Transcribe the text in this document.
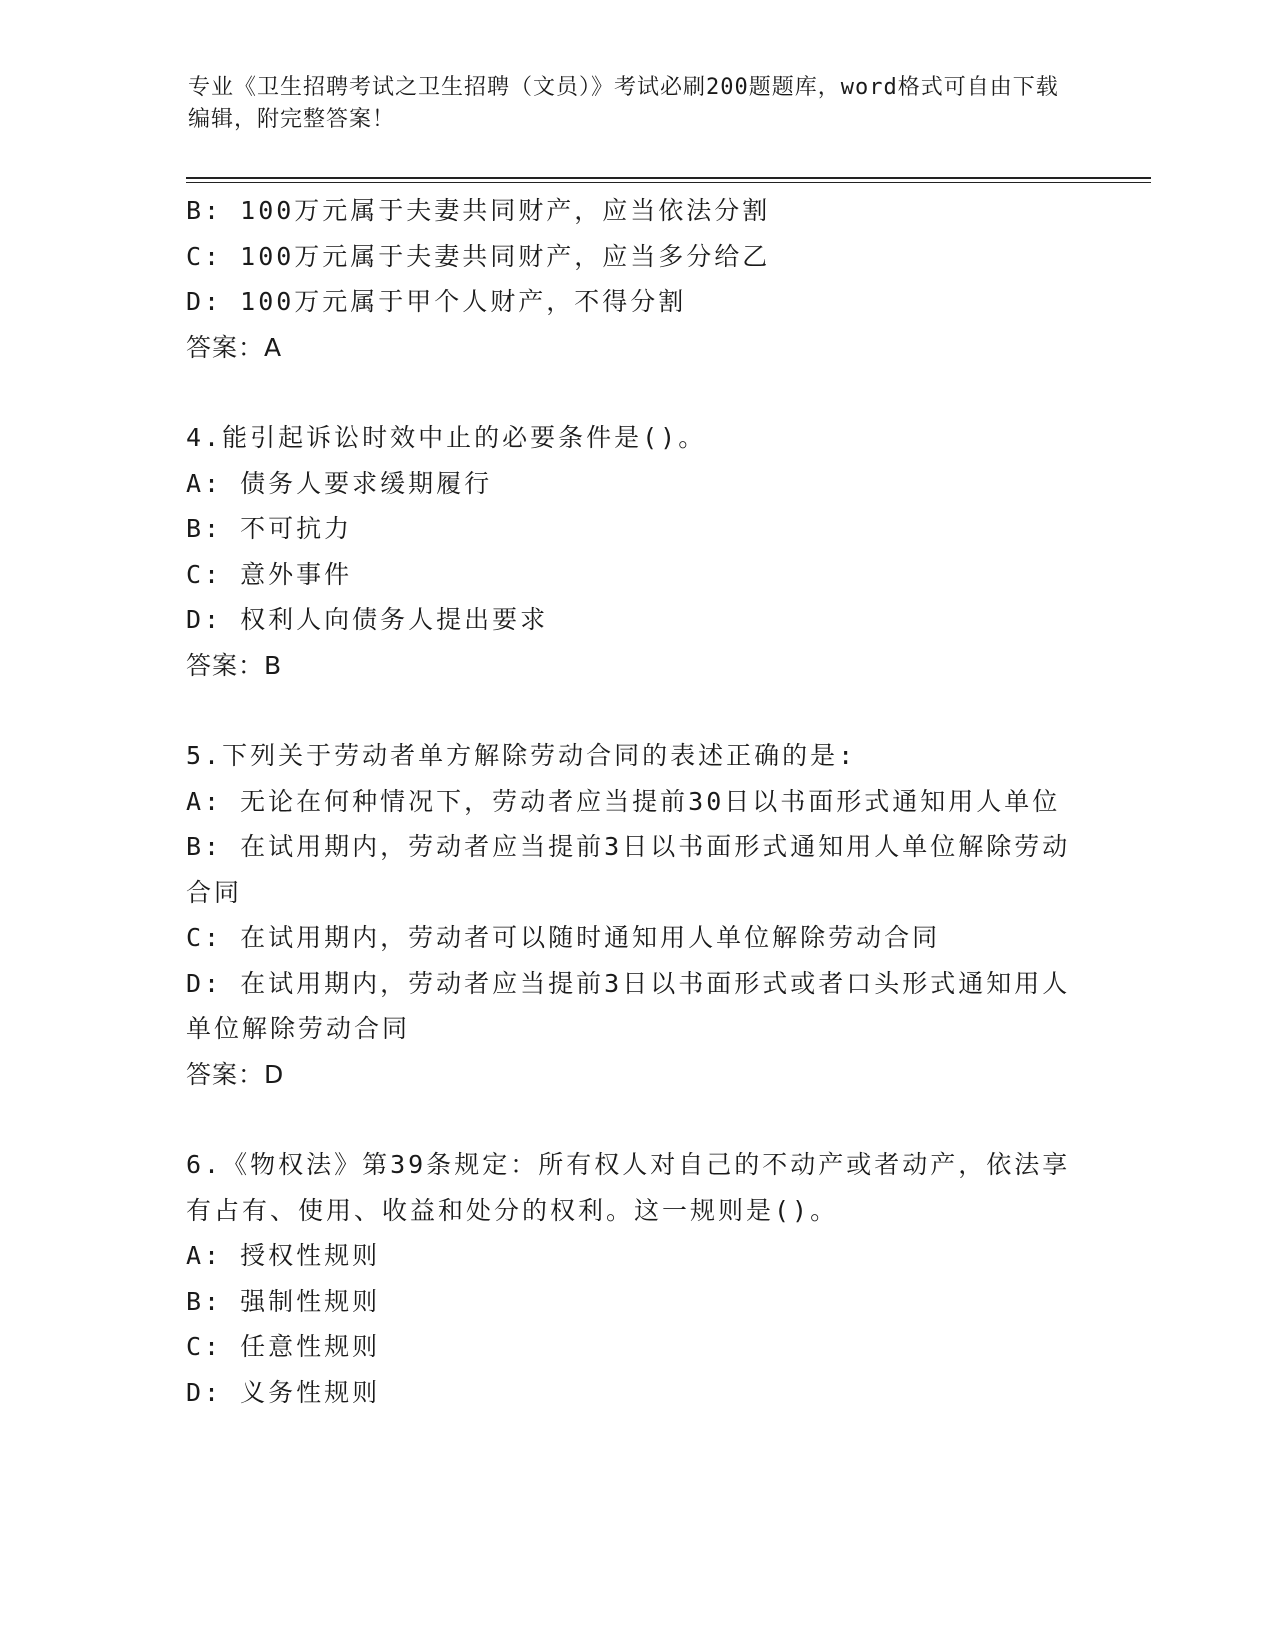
专业《卫生招聘考试之卫生招聘（文员）》考试必刷200题题库，word格式可自由下载编辑，附完整答案！
B: 100万元属于夫妻共同财产，应当依法分割
C: 100万元属于夫妻共同财产，应当多分给乙
D: 100万元属于甲个人财产，不得分割
答案：A
4.能引起诉讼时效中止的必要条件是()。
A: 债务人要求缓期履行
B: 不可抗力
C: 意外事件
D: 权利人向债务人提出要求
答案：B
5.下列关于劳动者单方解除劳动合同的表述正确的是:
A: 无论在何种情况下，劳动者应当提前30日以书面形式通知用人单位
B: 在试用期内，劳动者应当提前3日以书面形式通知用人单位解除劳动合同
C: 在试用期内，劳动者可以随时通知用人单位解除劳动合同
D: 在试用期内，劳动者应当提前3日以书面形式或者口头形式通知用人单位解除劳动合同
答案：D
6.《物权法》第39条规定：所有权人对自己的不动产或者动产，依法享有占有、使用、收益和处分的权利。这一规则是()。
A: 授权性规则
B: 强制性规则
C: 任意性规则
D: 义务性规则
